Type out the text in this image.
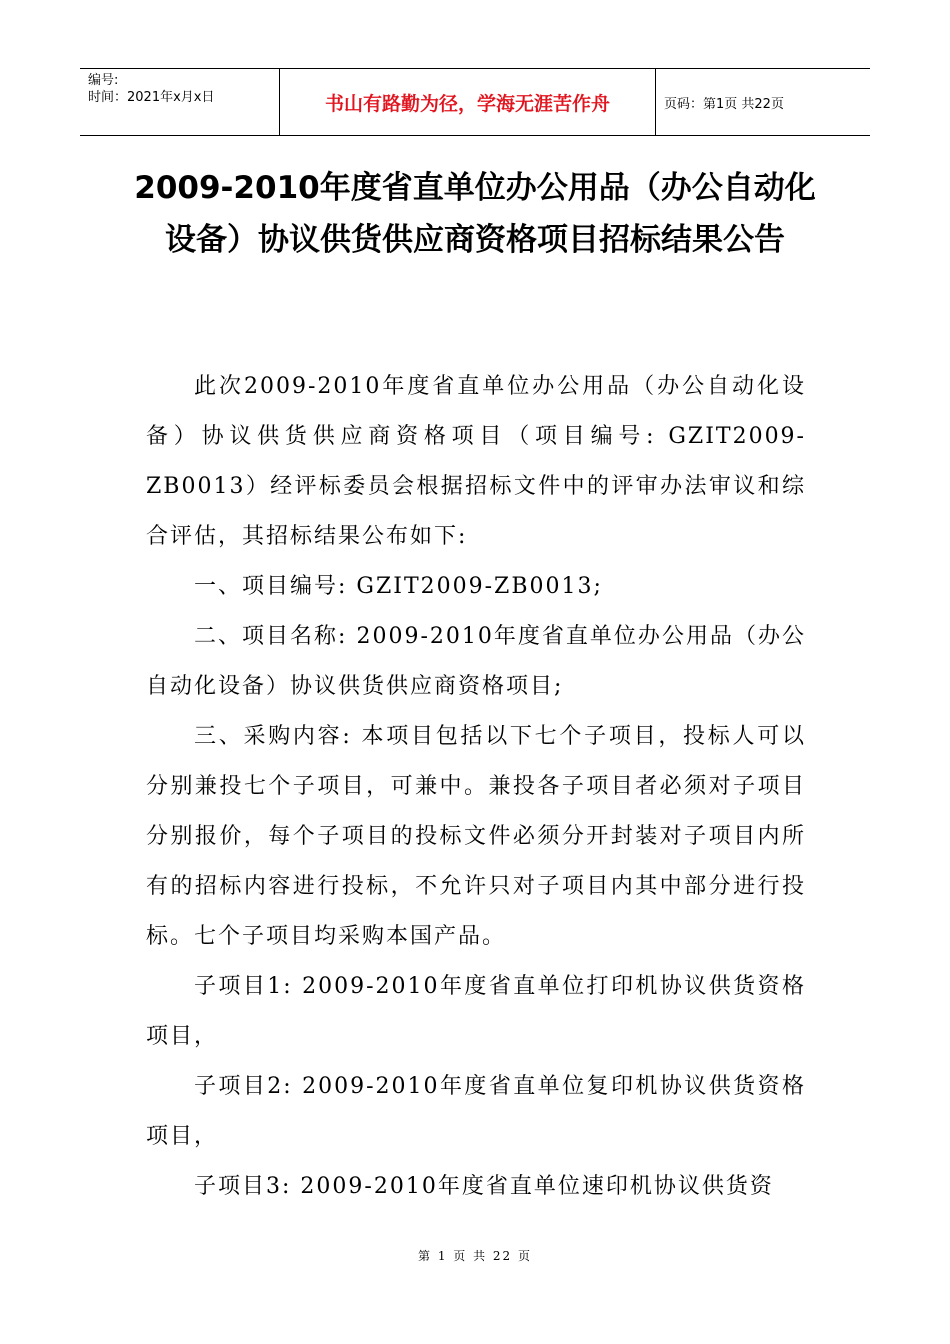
编号:
时间：2021年x月x日	书山有路勤为径，学海无涯苦作舟	页码：第1页 共22页
2009-2010年度省直单位办公用品（办公自动化设备）协议供货供应商资格项目招标结果公告

此次2009-2010年度省直单位办公用品（办公自动化设备）协议供货供应商资格项目（项目编号: GZIT2009-ZB0013）经评标委员会根据招标文件中的评审办法审议和综合评估，其招标结果公布如下:

一、项目编号: GZIT2009-ZB0013;

二、项目名称: 2009-2010年度省直单位办公用品（办公自动化设备）协议供货供应商资格项目;

三、采购内容: 本项目包括以下七个子项目，投标人可以分别兼投七个子项目，可兼中。兼投各子项目者必须对子项目分别报价，每个子项目的投标文件必须分开封装对子项目内所有的招标内容进行投标，不允许只对子项目内其中部分进行投标。七个子项目均采购本国产品。

子项目1: 2009-2010年度省直单位打印机协议供货资格项目，

子项目2: 2009-2010年度省直单位复印机协议供货资格项目，

子项目3: 2009-2010年度省直单位速印机协议供货资

第 1 页 共 22 页
